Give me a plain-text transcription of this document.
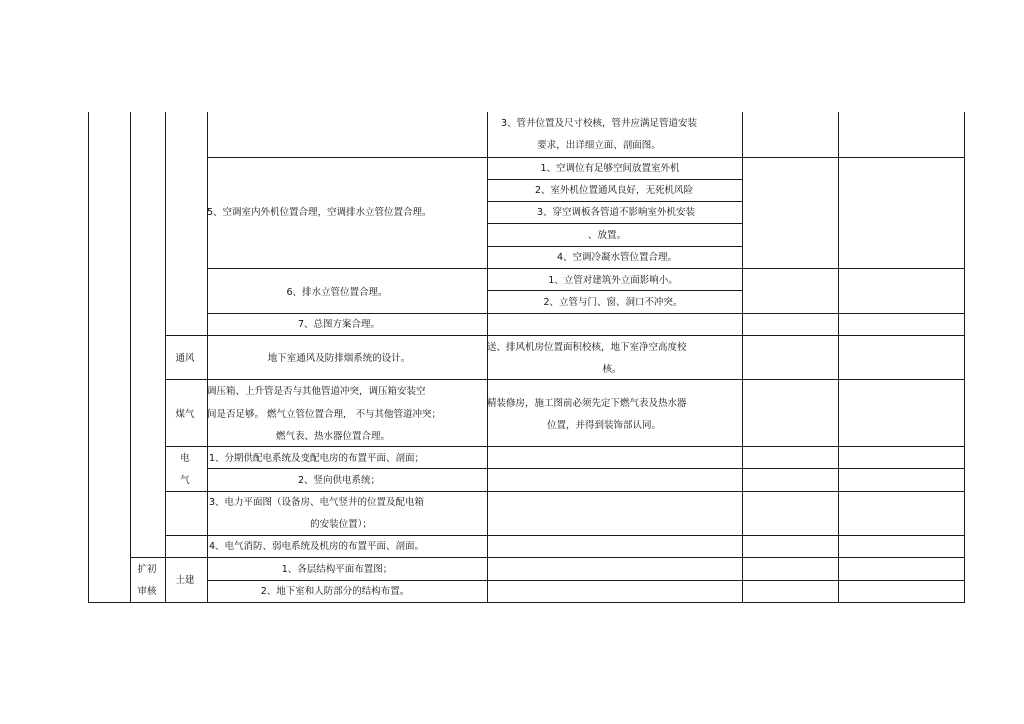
3、管井位置及尺寸校核，管井应满足管道安装
要求，出详细立面、剖面图。
5、空调室内外机位置合理，空调排水立管位置合理。
1、空调位有足够空间放置室外机
2、室外机位置通风良好，无死机风险
3、穿空调板各管道不影响室外机安装
、放置。
4、空调冷凝水管位置合理。
6、排水立管位置合理。
1、立管对建筑外立面影响小。
2、立管与门、窗、洞口不冲突。
7、总图方案合理。
通风	地下室通风及防排烟系统的设计。
送、排风机房位置面积校核，地下室净空高度校
核。
煤气
调压箱、上升管是否与其他管道冲突，调压箱安装空
间是否足够。 燃气立管位置合理， 不与其他管道冲突；
燃气表、热水器位置合理。
精装修房，施工图前必须先定下燃气表及热水器
位置，并得到装饰部认同。
电
气
1、分期供配电系统及变配电房的布置平面、剖面；
2、竖向供电系统；
3、电力平面图（设备房、电气竖井的位置及配电箱
的安装位置）；
4、电气消防、弱电系统及机房的布置平面、剖面。
扩初
审核
土建
1、各层结构平面布置图；
2、地下室和人防部分的结构布置。
